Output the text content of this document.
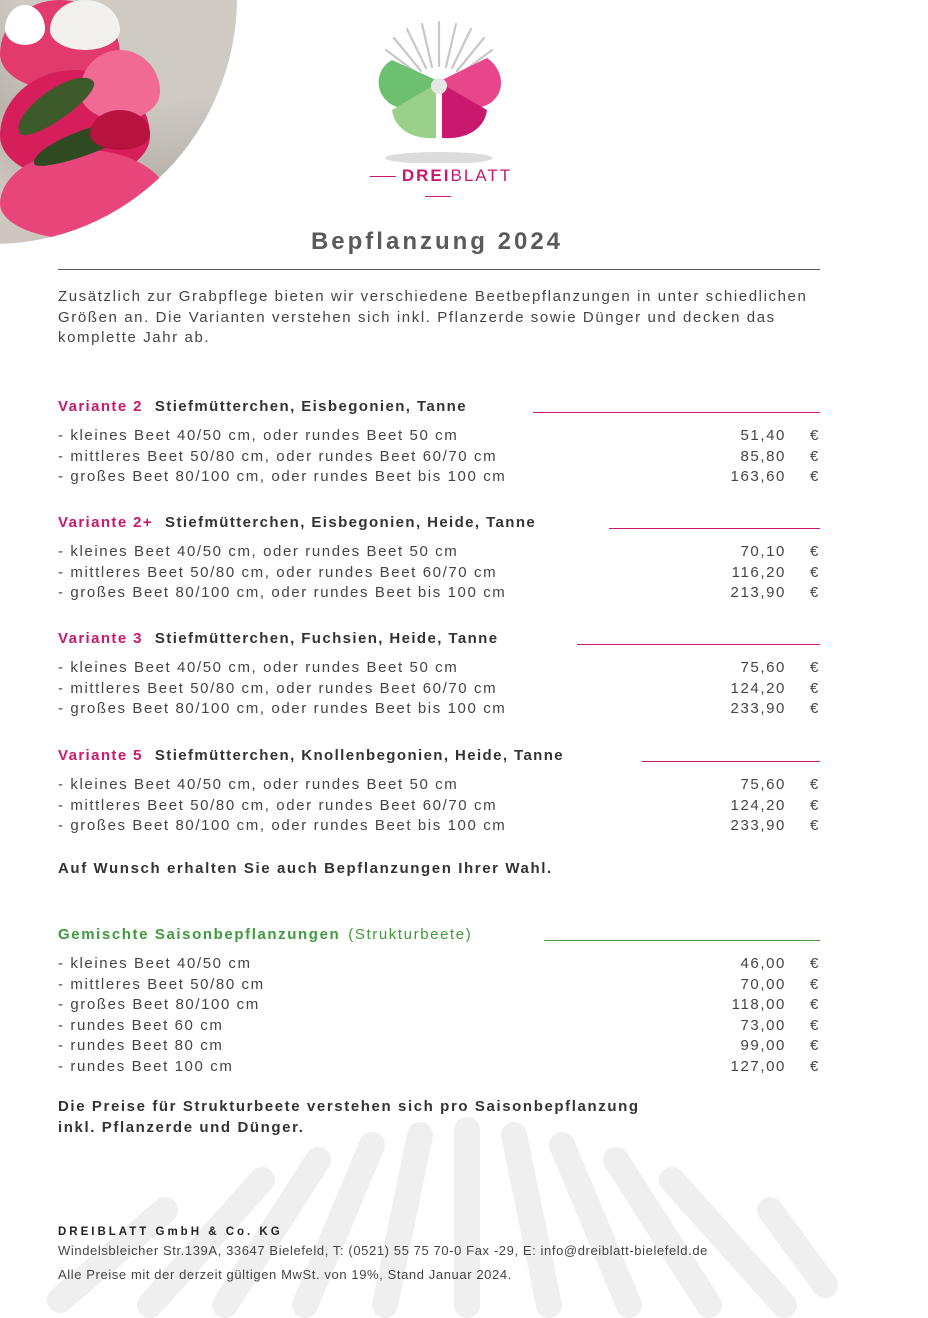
DREIBLATT
Bepflanzung 2024
Zusätzlich zur Grabpflege bieten wir verschiedene Beetbepflanzungen in unter schiedlichen Größen an. Die Varianten verstehen sich inkl. Pflanzerde sowie Dünger und decken das komplette Jahr ab.
Variante 2 Stiefmütterchen, Eisbegonien, Tanne
- kleines Beet 40/50 cm, oder rundes Beet 50 cm	51,40 €
- mittleres Beet 50/80 cm, oder rundes Beet 60/70 cm	85,80 €
- großes Beet 80/100 cm, oder rundes Beet bis 100 cm	163,60 €
Variante 2+ Stiefmütterchen, Eisbegonien, Heide, Tanne
- kleines Beet 40/50 cm, oder rundes Beet 50 cm	70,10 €
- mittleres Beet 50/80 cm, oder rundes Beet 60/70 cm	116,20 €
- großes Beet 80/100 cm, oder rundes Beet bis 100 cm	213,90 €
Variante 3 Stiefmütterchen, Fuchsien, Heide, Tanne
- kleines Beet 40/50 cm, oder rundes Beet 50 cm	75,60 €
- mittleres Beet 50/80 cm, oder rundes Beet 60/70 cm	124,20 €
- großes Beet 80/100 cm, oder rundes Beet bis 100 cm	233,90 €
Variante 5 Stiefmütterchen, Knollenbegonien, Heide, Tanne
- kleines Beet 40/50 cm, oder rundes Beet 50 cm	75,60 €
- mittleres Beet 50/80 cm, oder rundes Beet 60/70 cm	124,20 €
- großes Beet 80/100 cm, oder rundes Beet bis 100 cm	233,90 €
Auf Wunsch erhalten Sie auch Bepflanzungen Ihrer Wahl.
Gemischte Saisonbepflanzungen (Strukturbeete)
- kleines Beet 40/50 cm	46,00 €
- mittleres Beet 50/80 cm	70,00 €
- großes Beet 80/100 cm	118,00 €
- rundes Beet 60 cm	73,00 €
- rundes Beet 80 cm	99,00 €
- rundes Beet 100 cm	127,00 €
Die Preise für Strukturbeete verstehen sich pro Saisonbepflanzung
inkl. Pflanzerde und Dünger.
DREIBLATT GmbH & Co. KG
Windelsbleicher Str.139A, 33647 Bielefeld, T: (0521) 55 75 70-0 Fax -29, E: info@dreiblatt-bielefeld.de
Alle Preise mit der derzeit gültigen MwSt. von 19%, Stand Januar 2024.
